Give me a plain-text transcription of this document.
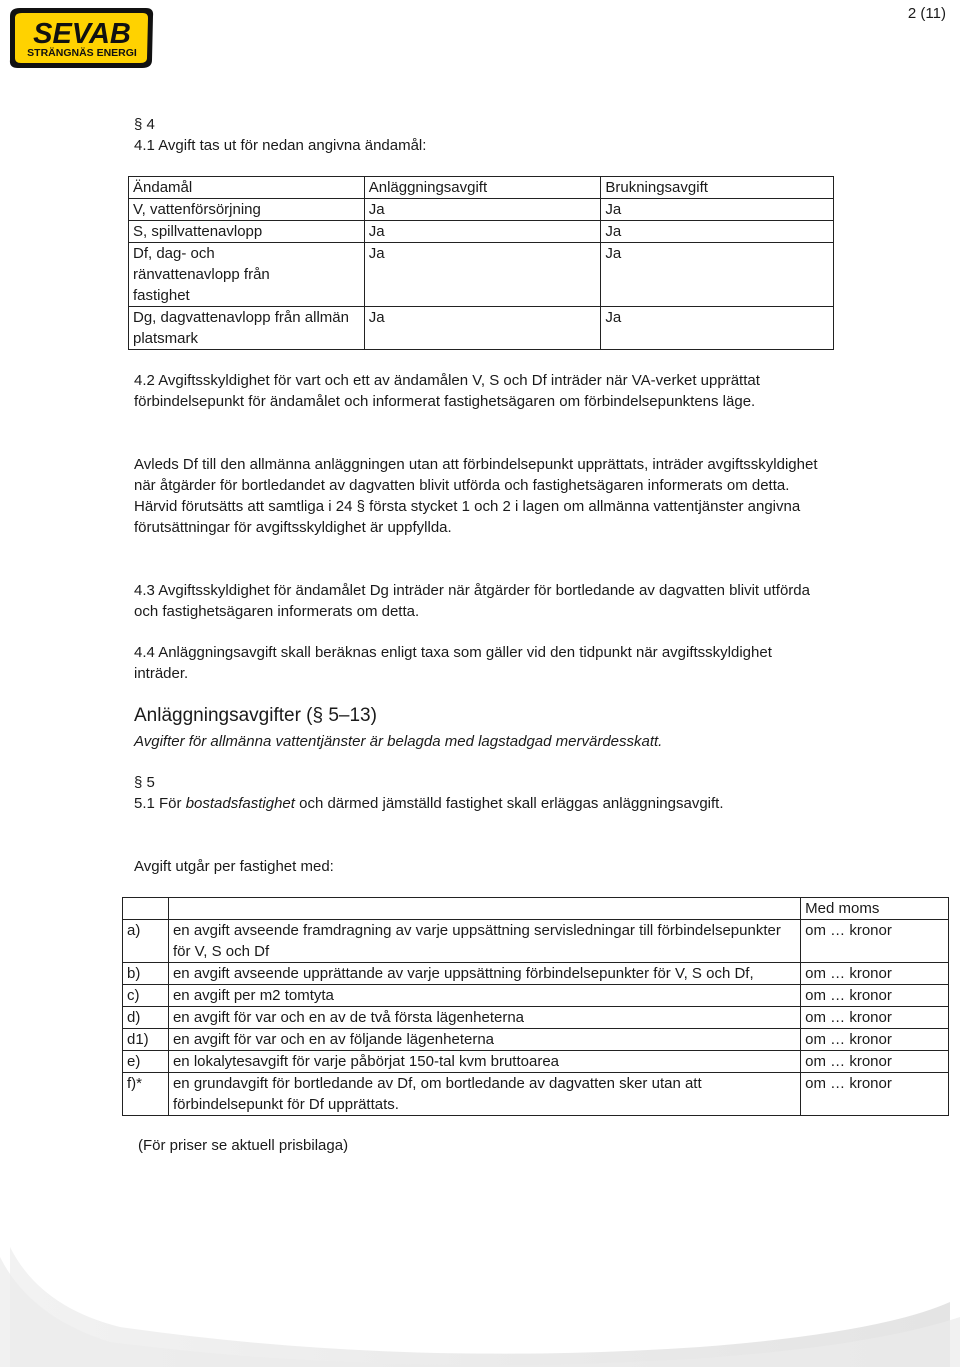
SEVAB
STRÄNGNÄS ENERGI
2 (11)

§ 4

4.1 Avgift tas ut för nedan angivna ändamål:

Ändamål	Anläggningsavgift	Brukningsavgift
V, vattenförsörjning	Ja	Ja
S, spillvattenavlopp	Ja	Ja
Df, dag- och ränvattenavlopp från fastighet	Ja	Ja
Dg, dagvattenavlopp från allmän platsmark	Ja	Ja

4.2 Avgiftsskyldighet för vart och ett av ändamålen V, S och Df inträder när VA-verket upprättat förbindelsepunkt för ändamålet och informerat fastighetsägaren om förbindelsepunktens läge.

Avleds Df till den allmänna anläggningen utan att förbindelsepunkt upprättats, inträder avgiftsskyldighet när åtgärder för bortledandet av dagvatten blivit utförda och fastighetsägaren informerats om detta. Härvid förutsätts att samtliga i 24 § första stycket 1 och 2 i lagen om allmänna vattentjänster angivna förutsättningar för avgiftsskyldighet är uppfyllda.

4.3 Avgiftsskyldighet för ändamålet Dg inträder när åtgärder för bortledande av dagvatten blivit utförda och fastighetsägaren informerats om detta.

4.4 Anläggningsavgift skall beräknas enligt taxa som gäller vid den tidpunkt när avgiftsskyldighet inträder.

Anläggningsavgifter (§ 5–13)

Avgifter för allmänna vattentjänster är belagda med lagstadgad mervärdesskatt.

§ 5

5.1 För bostadsfastighet och därmed jämställd fastighet skall erläggas anläggningsavgift.

Avgift utgår per fastighet med:

		Med moms
a)	en avgift avseende framdragning av varje uppsättning servisledningar till förbindelsepunkter för V, S och Df	om … kronor
b)	en avgift avseende upprättande av varje uppsättning förbindelsepunkter för V, S och Df,	om … kronor
c)	en avgift per m2 tomtyta	om … kronor
d)	en avgift för var och en av de två första lägenheterna	om … kronor
d1)	en avgift för var och en av följande lägenheterna	om … kronor
e)	en lokalytesavgift för varje påbörjat 150-tal kvm bruttoarea	om … kronor
f)*	en grundavgift för bortledande av Df, om bortledande av dagvatten sker utan att förbindelsepunkt för Df upprättats.	om … kronor

(För priser se aktuell prisbilaga)
